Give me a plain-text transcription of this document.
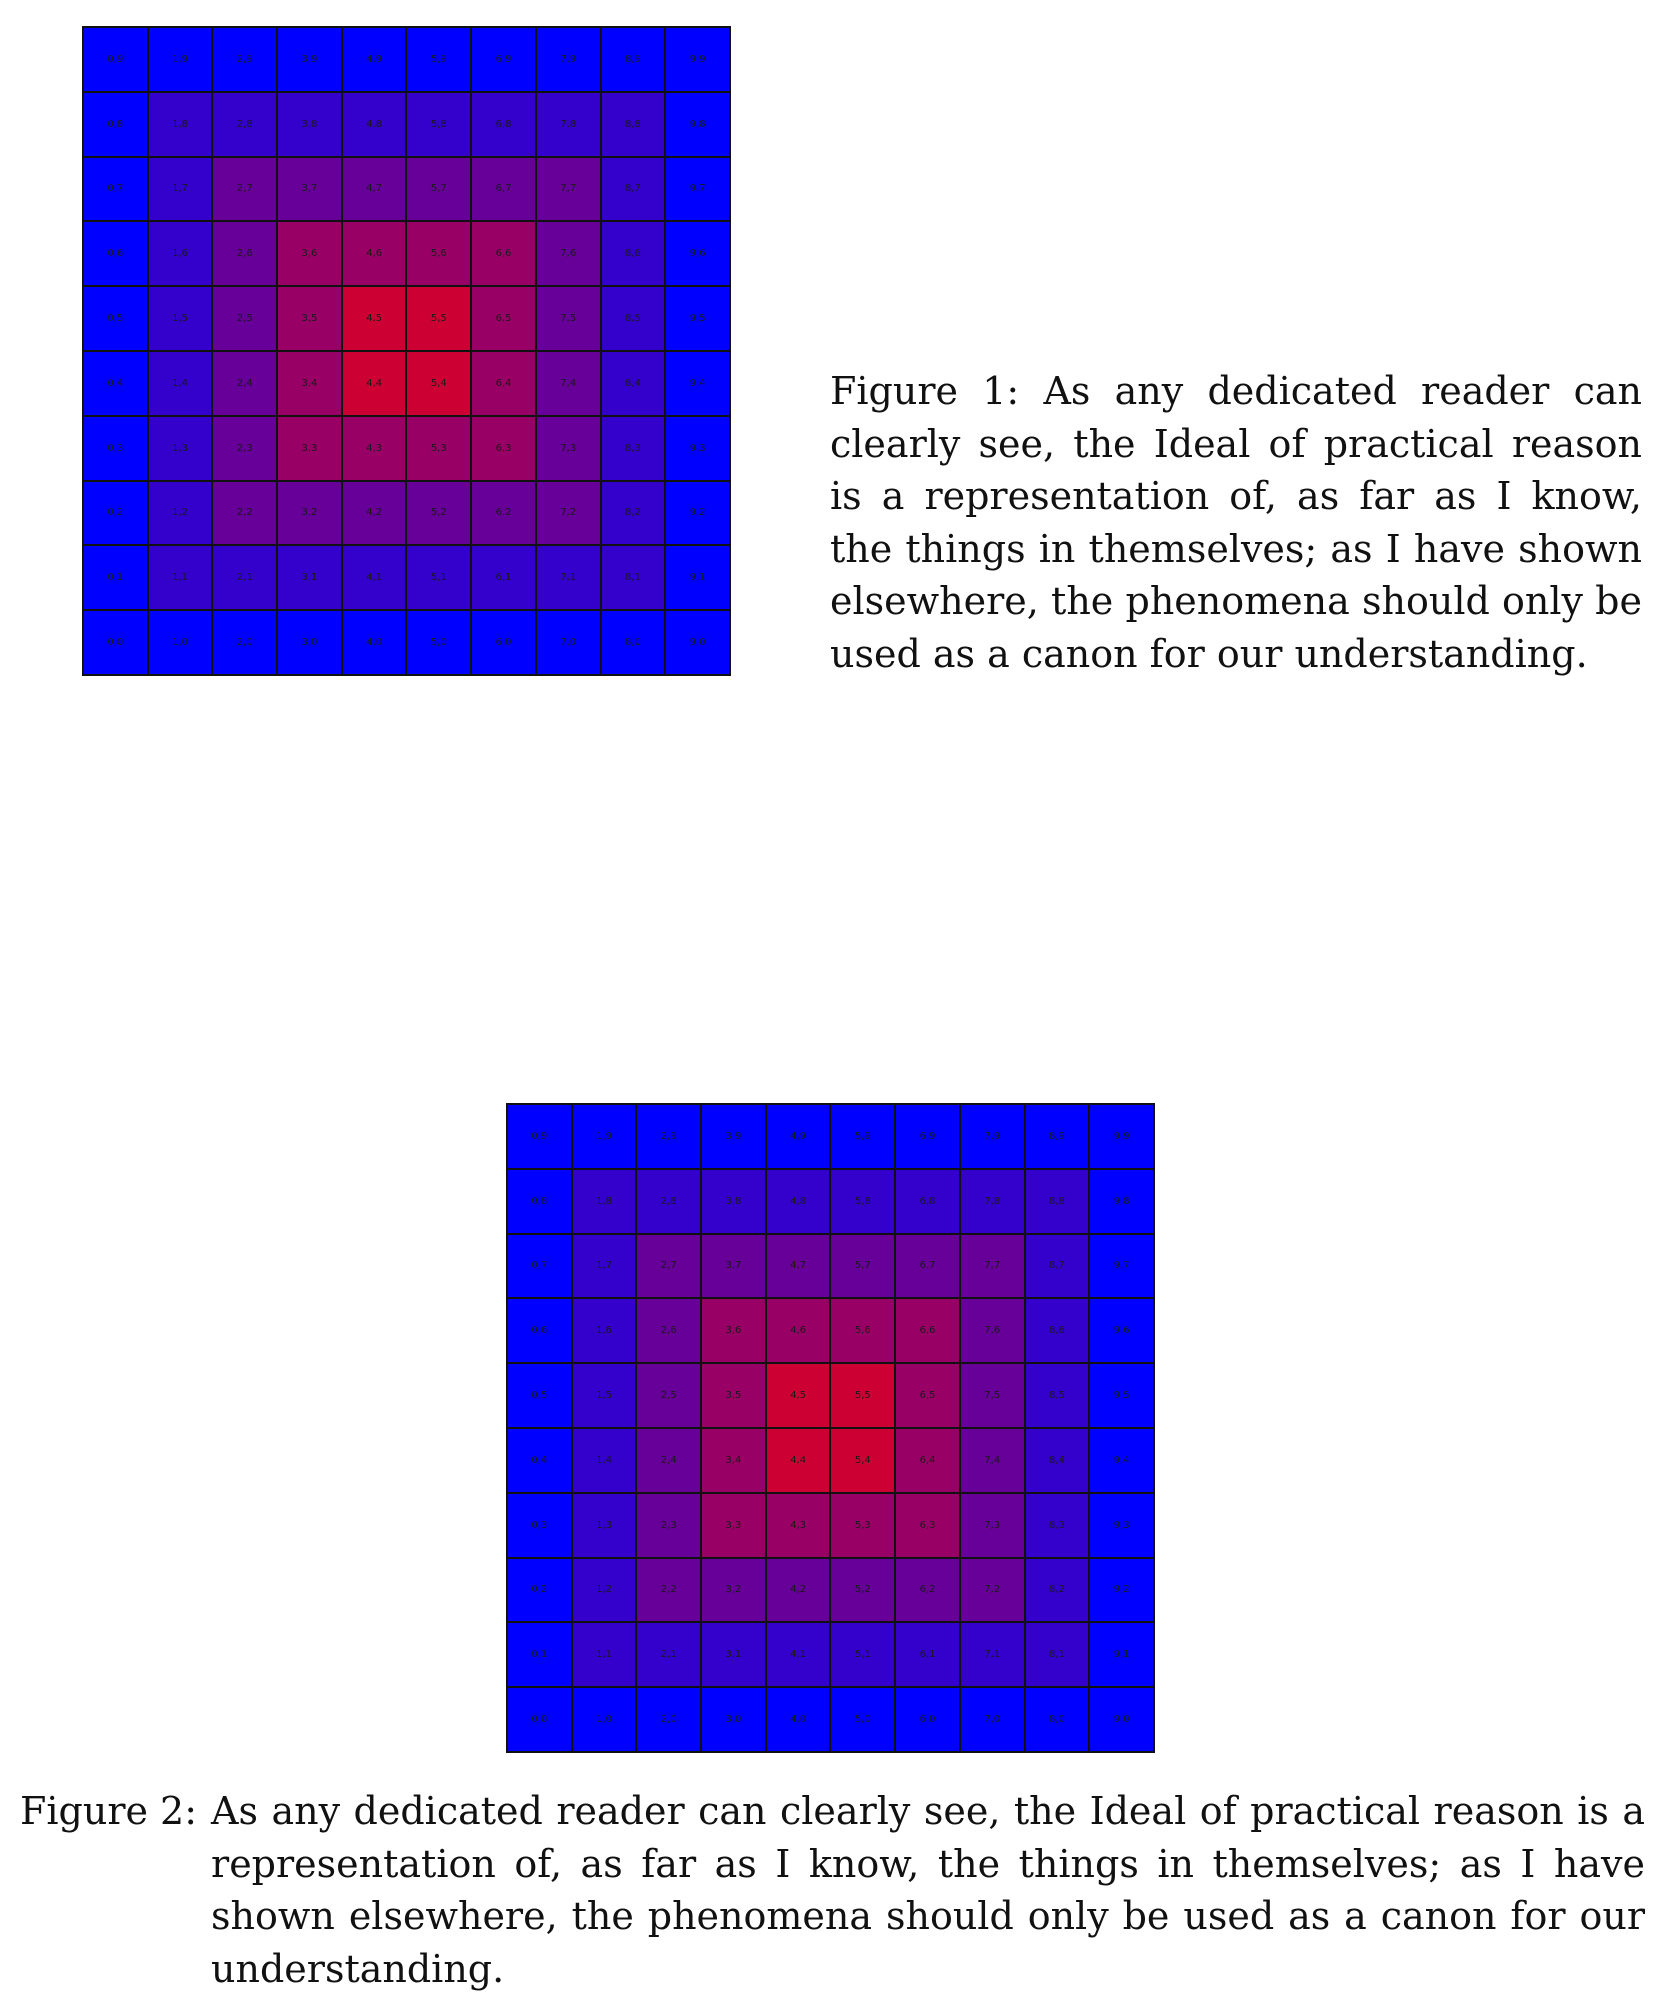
0,9	1,9	2,9	3,9	4,9	5,9	6,9	7,9	8,9	9,9
0,8	1,8	2,8	3,8	4,8	5,8	6,8	7,8	8,8	9,8
0,7	1,7	2,7	3,7	4,7	5,7	6,7	7,7	8,7	9,7
0,6	1,6	2,6	3,6	4,6	5,6	6,6	7,6	8,6	9,6
0,5	1,5	2,5	3,5	4,5	5,5	6,5	7,5	8,5	9,5
0,4	1,4	2,4	3,4	4,4	5,4	6,4	7,4	8,4	9,4
0,3	1,3	2,3	3,3	4,3	5,3	6,3	7,3	8,3	9,3
0,2	1,2	2,2	3,2	4,2	5,2	6,2	7,2	8,2	9,2
0,1	1,1	2,1	3,1	4,1	5,1	6,1	7,1	8,1	9,1
0,0	1,0	2,0	3,0	4,0	5,0	6,0	7,0	8,0	9,0
Figure 1: As any dedicated reader can clearly see, the Ideal of practical reason is a representation of, as far as I know, the things in themselves; as I have shown elsewhere, the phenomena should only be used as a canon for our understanding.
0,9	1,9	2,9	3,9	4,9	5,9	6,9	7,9	8,9	9,9
0,8	1,8	2,8	3,8	4,8	5,8	6,8	7,8	8,8	9,8
0,7	1,7	2,7	3,7	4,7	5,7	6,7	7,7	8,7	9,7
0,6	1,6	2,6	3,6	4,6	5,6	6,6	7,6	8,6	9,6
0,5	1,5	2,5	3,5	4,5	5,5	6,5	7,5	8,5	9,5
0,4	1,4	2,4	3,4	4,4	5,4	6,4	7,4	8,4	9,4
0,3	1,3	2,3	3,3	4,3	5,3	6,3	7,3	8,3	9,3
0,2	1,2	2,2	3,2	4,2	5,2	6,2	7,2	8,2	9,2
0,1	1,1	2,1	3,1	4,1	5,1	6,1	7,1	8,1	9,1
0,0	1,0	2,0	3,0	4,0	5,0	6,0	7,0	8,0	9,0
Figure 2: As any dedicated reader can clearly see, the Ideal of practical reason is a representation of, as far as I know, the things in themselves; as I have shown elsewhere, the phenomena should only be used as a canon for our understanding.
